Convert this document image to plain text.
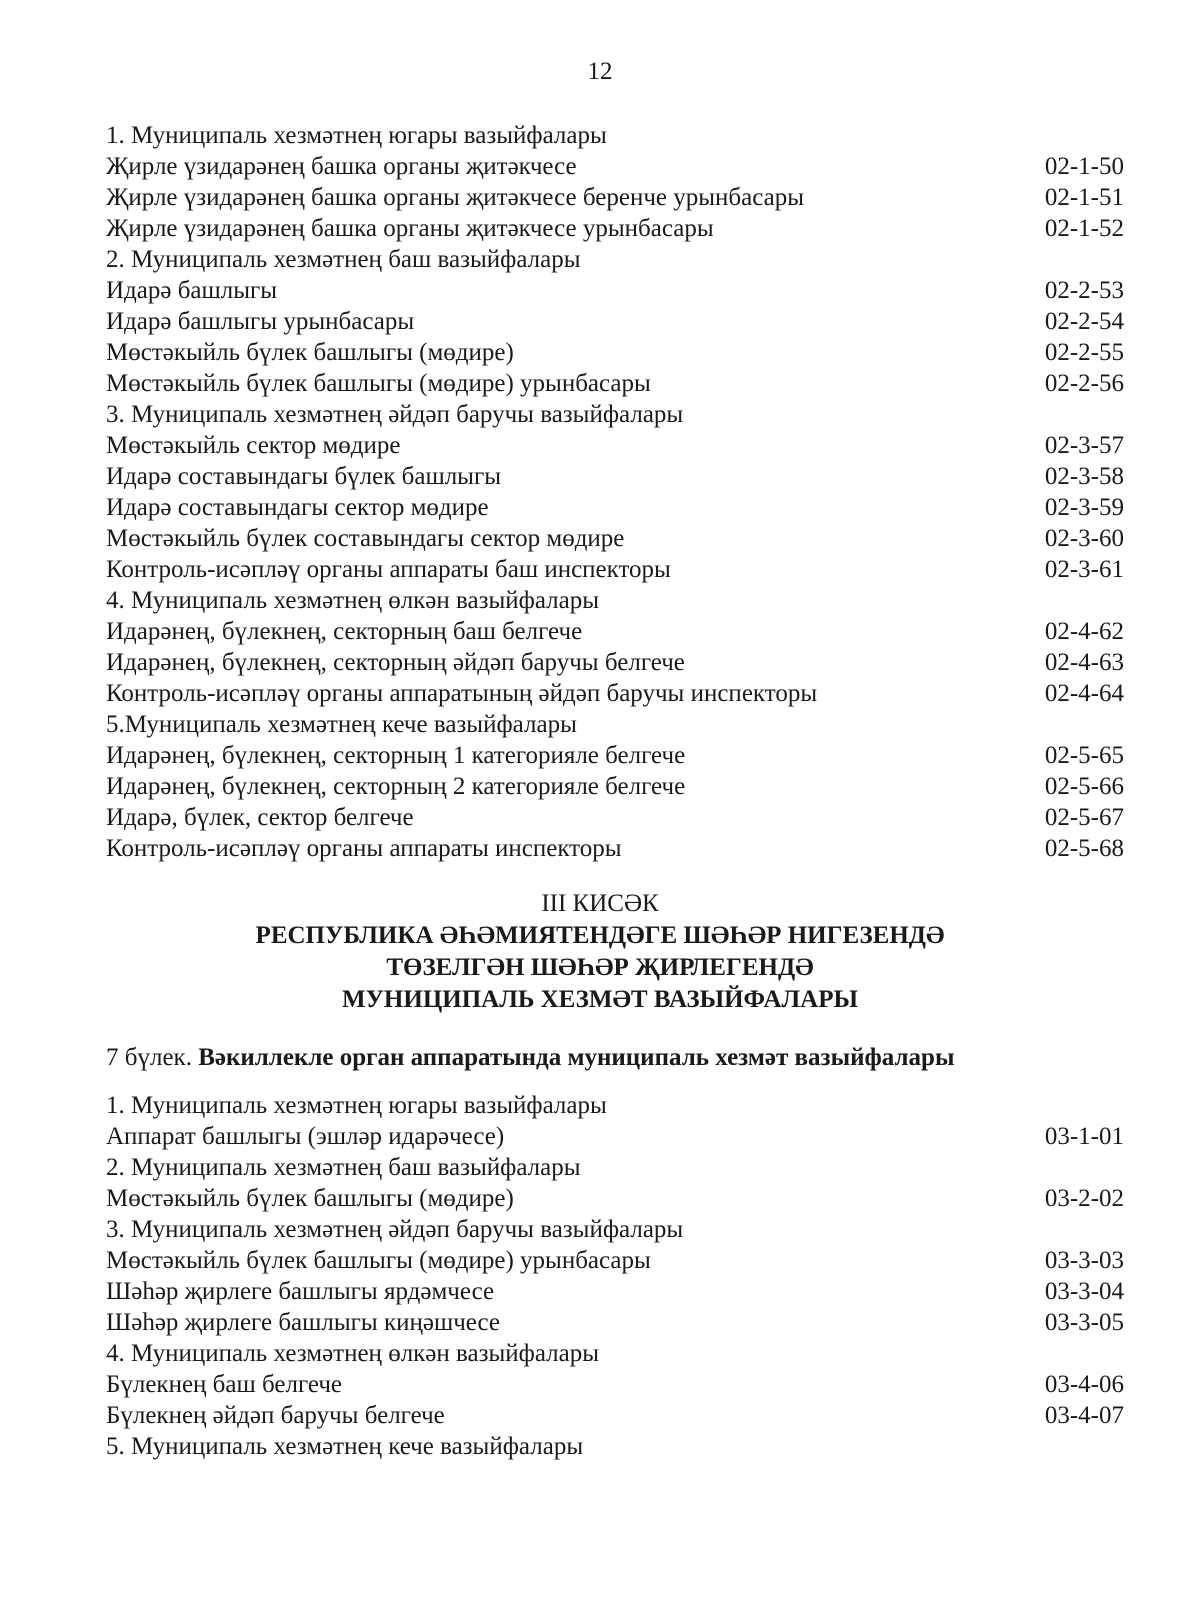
12
1. Муниципаль хезмәтнең югары вазыйфалары
Җирле үзидарәнең башка органы җитәкчесе	02-1-50
Җирле үзидарәнең башка органы җитәкчесе беренче урынбасары	02-1-51
Җирле үзидарәнең башка органы җитәкчесе урынбасары	02-1-52
2. Муниципаль хезмәтнең баш вазыйфалары
Идарә башлыгы	02-2-53
Идарә башлыгы урынбасары	02-2-54
Мөстәкыйль бүлек башлыгы (мөдире)	02-2-55
Мөстәкыйль бүлек башлыгы (мөдире) урынбасары	02-2-56
3. Муниципаль хезмәтнең әйдәп баручы вазыйфалары
Мөстәкыйль сектор мөдире	02-3-57
Идарә составындагы бүлек башлыгы	02-3-58
Идарә составындагы сектор мөдире	02-3-59
Мөстәкыйль бүлек составындагы сектор мөдире	02-3-60
Контроль-исәпләү органы аппараты баш инспекторы	02-3-61
4. Муниципаль хезмәтнең өлкән вазыйфалары
Идарәнең, бүлекнең, секторның баш белгече	02-4-62
Идарәнең, бүлекнең, секторның әйдәп баручы белгече	02-4-63
Контроль-исәпләү органы аппаратының әйдәп баручы инспекторы	02-4-64
5.Муниципаль хезмәтнең кече вазыйфалары
Идарәнең, бүлекнең, секторның 1 категорияле белгече	02-5-65
Идарәнең, бүлекнең, секторның 2 категорияле белгече	02-5-66
Идарә, бүлек, сектор белгече	02-5-67
Контроль-исәпләү органы аппараты инспекторы	02-5-68
III КИСӘК
РЕСПУБЛИКА ӘҺӘМИЯТЕНДӘГЕ ШӘҺӘР НИГЕЗЕНДӘ
ТӨЗЕЛГӘН ШӘҺӘР ҖИРЛЕГЕНДӘ
МУНИЦИПАЛЬ ХЕЗМӘТ ВАЗЫЙФАЛАРЫ
7 бүлек. Вәкиллекле орган аппаратында муниципаль хезмәт вазыйфалары
1. Муниципаль хезмәтнең югары вазыйфалары
Аппарат башлыгы (эшләр идарәчесе)	03-1-01
2. Муниципаль хезмәтнең баш вазыйфалары
Мөстәкыйль бүлек башлыгы (мөдире)	03-2-02
3. Муниципаль хезмәтнең әйдәп баручы вазыйфалары
Мөстәкыйль бүлек башлыгы (мөдире) урынбасары	03-3-03
Шәһәр җирлеге башлыгы ярдәмчесе	03-3-04
Шәһәр җирлеге башлыгы киңәшчесе	03-3-05
4. Муниципаль хезмәтнең өлкән вазыйфалары
Бүлекнең баш белгече	03-4-06
Бүлекнең әйдәп баручы белгече	03-4-07
5. Муниципаль хезмәтнең кече вазыйфалары
